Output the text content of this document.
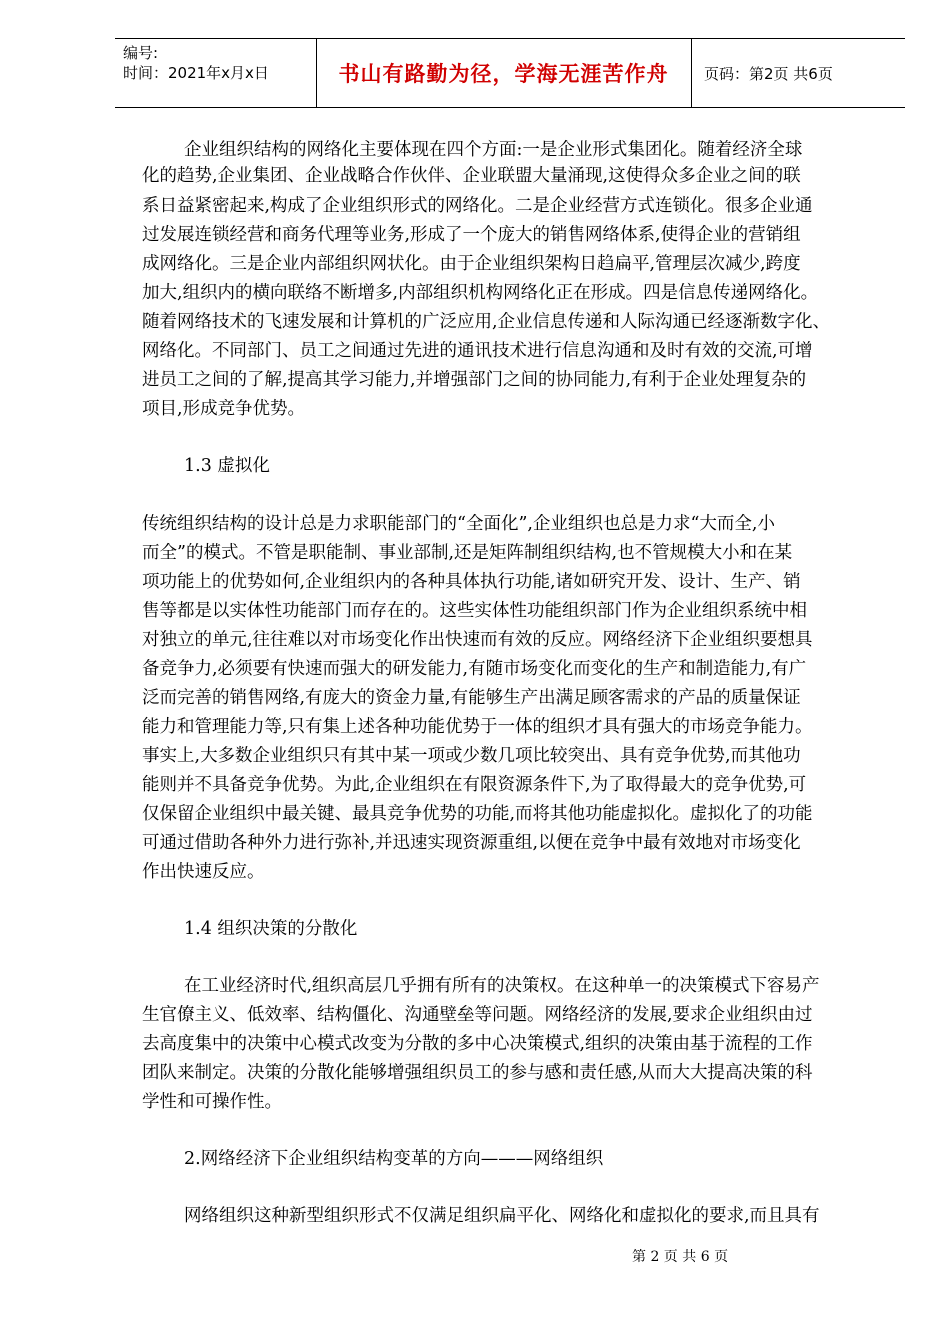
编号:
时间：2021年x月x日	书山有路勤为径，学海无涯苦作舟	页码：第2页 共6页
企业组织结构的网络化主要体现在四个方面:一是企业形式集团化。随着经济全球
化的趋势,企业集团、企业战略合作伙伴、企业联盟大量涌现,这使得众多企业之间的联
系日益紧密起来,构成了企业组织形式的网络化。二是企业经营方式连锁化。很多企业通
过发展连锁经营和商务代理等业务,形成了一个庞大的销售网络体系,使得企业的营销组
成网络化。三是企业内部组织网状化。由于企业组织架构日趋扁平,管理层次减少,跨度
加大,组织内的横向联络不断增多,内部组织机构网络化正在形成。四是信息传递网络化。
随着网络技术的飞速发展和计算机的广泛应用,企业信息传递和人际沟通已经逐渐数字化、
网络化。不同部门、员工之间通过先进的通讯技术进行信息沟通和及时有效的交流,可增
进员工之间的了解,提高其学习能力,并增强部门之间的协同能力,有利于企业处理复杂的
项目,形成竞争优势。
1.3 虚拟化
传统组织结构的设计总是力求职能部门的“全面化”,企业组织也总是力求“大而全,小
而全”的模式。不管是职能制、事业部制,还是矩阵制组织结构,也不管规模大小和在某
项功能上的优势如何,企业组织内的各种具体执行功能,诸如研究开发、设计、生产、销
售等都是以实体性功能部门而存在的。这些实体性功能组织部门作为企业组织系统中相
对独立的单元,往往难以对市场变化作出快速而有效的反应。网络经济下企业组织要想具
备竞争力,必须要有快速而强大的研发能力,有随市场变化而变化的生产和制造能力,有广
泛而完善的销售网络,有庞大的资金力量,有能够生产出满足顾客需求的产品的质量保证
能力和管理能力等,只有集上述各种功能优势于一体的组织才具有强大的市场竞争能力。
事实上,大多数企业组织只有其中某一项或少数几项比较突出、具有竞争优势,而其他功
能则并不具备竞争优势。为此,企业组织在有限资源条件下,为了取得最大的竞争优势,可
仅保留企业组织中最关键、最具竞争优势的功能,而将其他功能虚拟化。虚拟化了的功能
可通过借助各种外力进行弥补,并迅速实现资源重组,以便在竞争中最有效地对市场变化
作出快速反应。
1.4 组织决策的分散化
在工业经济时代,组织高层几乎拥有所有的决策权。在这种单一的决策模式下容易产
生官僚主义、低效率、结构僵化、沟通壁垒等问题。网络经济的发展,要求企业组织由过
去高度集中的决策中心模式改变为分散的多中心决策模式,组织的决策由基于流程的工作
团队来制定。决策的分散化能够增强组织员工的参与感和责任感,从而大大提高决策的科
学性和可操作性。
2.网络经济下企业组织结构变革的方向———网络组织
网络组织这种新型组织形式不仅满足组织扁平化、网络化和虚拟化的要求,而且具有
第 2 页 共 6 页
